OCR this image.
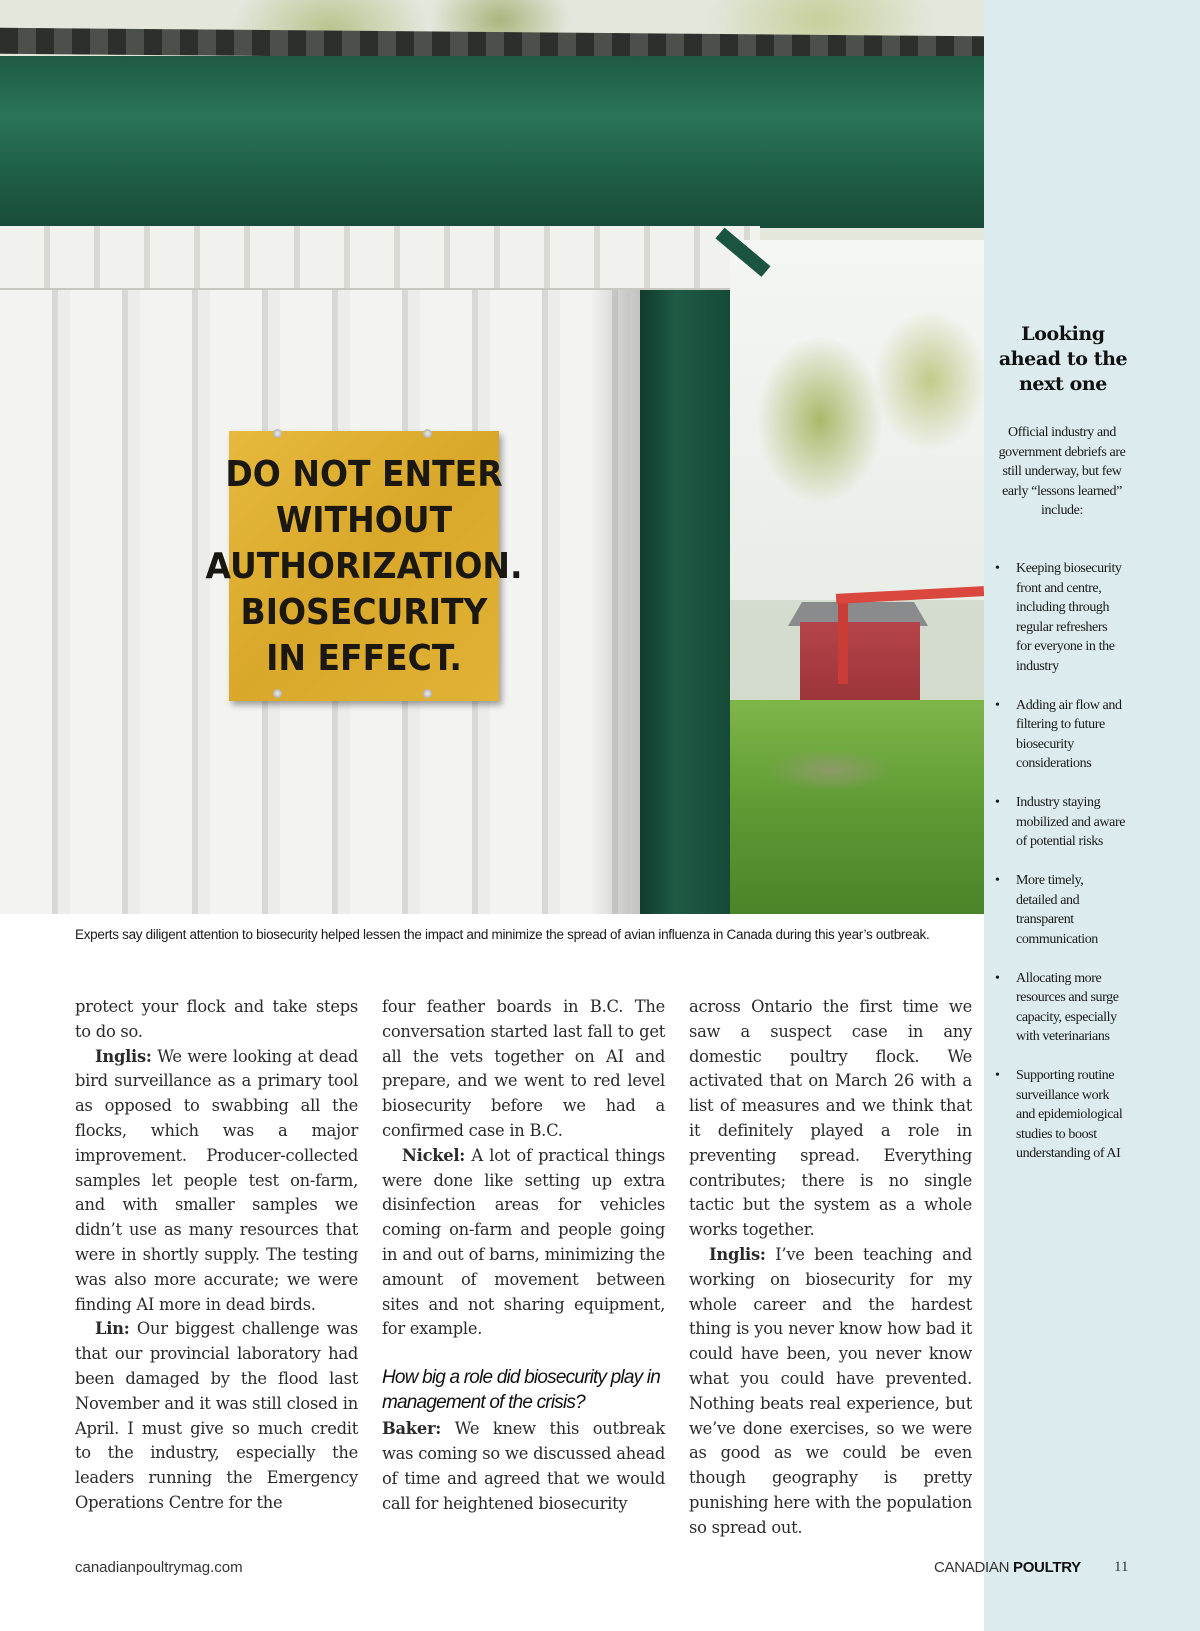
DO NOT ENTER
WITHOUT
AUTHORIZATION.
BIOSECURITY
IN EFFECT.
Experts say diligent attention to biosecurity helped lessen the impact and minimize the spread of avian influenza in Canada during this year’s outbreak.

protect your flock and take steps to do so.

Inglis: We were looking at dead bird surveillance as a primary tool as opposed to swabbing all the flocks, which was a major improvement. Producer-collected samples let people test on-farm, and with smaller samples we didn’t use as many resources that were in shortly supply. The testing was also more accurate; we were finding AI more in dead birds.

Lin: Our biggest challenge was that our provincial laboratory had been damaged by the flood last November and it was still closed in April. I must give so much credit to the industry, especially the leaders running the Emergency Operations Centre for the

four feather boards in B.C. The conversation started last fall to get all the vets together on AI and prepare, and we went to red level biosecurity before we had a confirmed case in B.C.

Nickel: A lot of practical things were done like setting up extra disinfection areas for vehicles coming on-farm and people going in and out of barns, minimizing the amount of movement between sites and not sharing equipment, for example.

How big a role did biosecurity play in management of the crisis?

Baker: We knew this outbreak was coming so we discussed ahead of time and agreed that we would call for heightened biosecurity

across Ontario the first time we saw a suspect case in any domestic poultry flock. We activated that on March 26 with a list of measures and we think that it definitely played a role in preventing spread. Everything contributes; there is no single tactic but the system as a whole works together.

Inglis: I’ve been teaching and working on biosecurity for my whole career and the hardest thing is you never know how bad it could have been, you never know what you could have prevented. Nothing beats real experience, but we’ve done exercises, so we were as good as we could be even though geography is pretty punishing here with the population so spread out.

Looking ahead to the next one
Official industry and government debriefs are still underway, but few early “lessons learned” include:
• Keeping biosecurity front and centre, including through regular refreshers for everyone in the industry
• Adding air flow and filtering to future biosecurity considerations
• Industry staying mobilized and aware of potential risks
• More timely, detailed and transparent communication
• Allocating more resources and surge capacity, especially with veterinarians
• Supporting routine surveillance work and epidemiological studies to boost understanding of AI
canadianpoultrymag.com	CANADIAN POULTRY 11
